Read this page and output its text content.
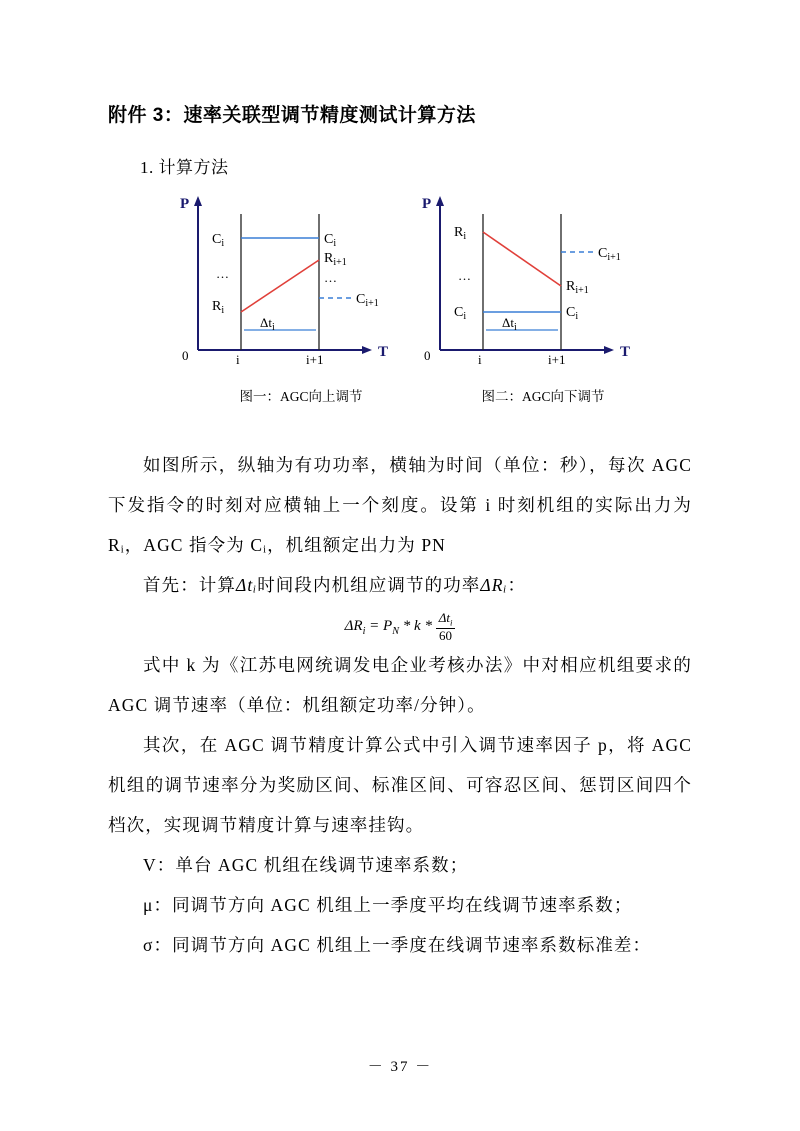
附件 3：速率关联型调节精度测试计算方法
1. 计算方法
P
T
0	i	i+1
$C_i$	$C_i$
$R_{i+1}$
…
…
$R_i$
$C_{i+1}$
$\Delta t_i$
图一：AGC向上调节
P
T
0	i	i+1
$R_i$
$C_{i+1}$
…
$R_{i+1}$
$C_i$	$C_i$
$\Delta t_i$
图二：AGC向下调节

如图所示，纵轴为有功功率，横轴为时间（单位：秒），每次 AGC 下发指令的时刻对应横轴上一个刻度。设第 i 时刻机组的实际出力为 Rᵢ，AGC 指令为 Cᵢ，机组额定出力为 PN

首先：计算Δtᵢ时间段内机组应调节的功率ΔRᵢ：

$\Delta R_i = P_N * k * \frac{\Delta t_i}{60}$

式中 k 为《江苏电网统调发电企业考核办法》中对相应机组要求的 AGC 调节速率（单位：机组额定功率/分钟）。

其次，在 AGC 调节精度计算公式中引入调节速率因子 p，将 AGC 机组的调节速率分为奖励区间、标准区间、可容忍区间、惩罚区间四个档次，实现调节精度计算与速率挂钩。

V：单台 AGC 机组在线调节速率系数；

μ：同调节方向 AGC 机组上一季度平均在线调节速率系数；

σ：同调节方向 AGC 机组上一季度在线调节速率系数标准差：

－ 37 －
